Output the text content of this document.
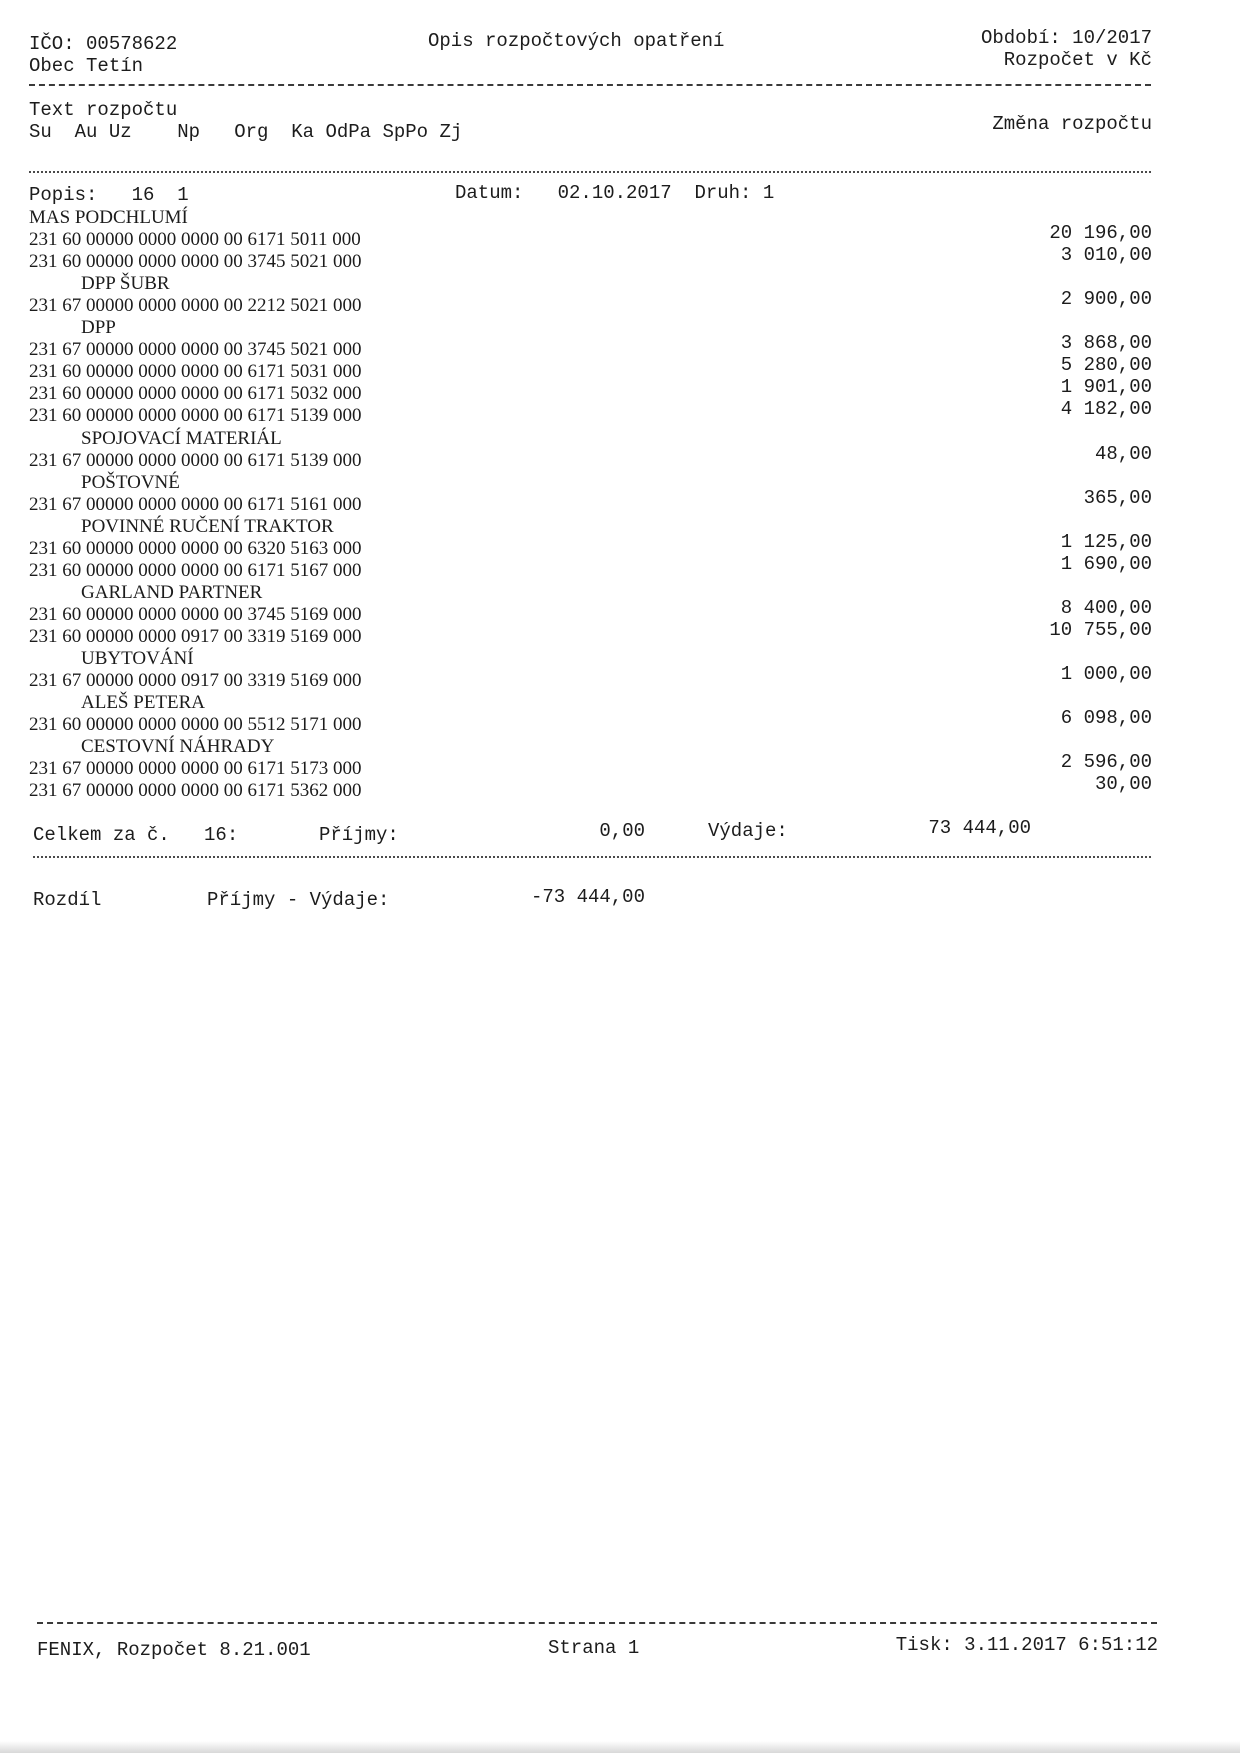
IČO: 00578622
Obec Tetín
Opis rozpočtových opatření	Období: 10/2017
Rozpočet v Kč
Text rozpočtu
Su  Au Uz    Np   Org  Ka OdPa SpPo Zj	Změna rozpočtu
Popis:   16  1	Datum:   02.10.2017  Druh: 1
MAS PODCHLUMÍ
231 60 00000 0000 0000 00 6171 5011 000	20 196,00
231 60 00000 0000 0000 00 3745 5021 000	3 010,00
DPP ŠUBR
231 67 00000 0000 0000 00 2212 5021 000	2 900,00
DPP
231 67 00000 0000 0000 00 3745 5021 000	3 868,00
231 60 00000 0000 0000 00 6171 5031 000	5 280,00
231 60 00000 0000 0000 00 6171 5032 000	1 901,00
231 60 00000 0000 0000 00 6171 5139 000	4 182,00
SPOJOVACÍ MATERIÁL
231 67 00000 0000 0000 00 6171 5139 000	48,00
POŠTOVNÉ
231 67 00000 0000 0000 00 6171 5161 000	365,00
POVINNÉ RUČENÍ TRAKTOR
231 60 00000 0000 0000 00 6320 5163 000	1 125,00
231 60 00000 0000 0000 00 6171 5167 000	1 690,00
GARLAND PARTNER
231 60 00000 0000 0000 00 3745 5169 000	8 400,00
231 60 00000 0000 0917 00 3319 5169 000	10 755,00
UBYTOVÁNÍ
231 67 00000 0000 0917 00 3319 5169 000	1 000,00
ALEŠ PETERA
231 60 00000 0000 0000 00 5512 5171 000	6 098,00
CESTOVNÍ NÁHRADY
231 67 00000 0000 0000 00 6171 5173 000	2 596,00
231 67 00000 0000 0000 00 6171 5362 000	30,00
Celkem za č.   16:	Příjmy:	0,00	Výdaje:	73 444,00
Rozdíl	Příjmy - Výdaje:	-73 444,00
FENIX, Rozpočet 8.21.001	Strana 1	Tisk: 3.11.2017 6:51:12
